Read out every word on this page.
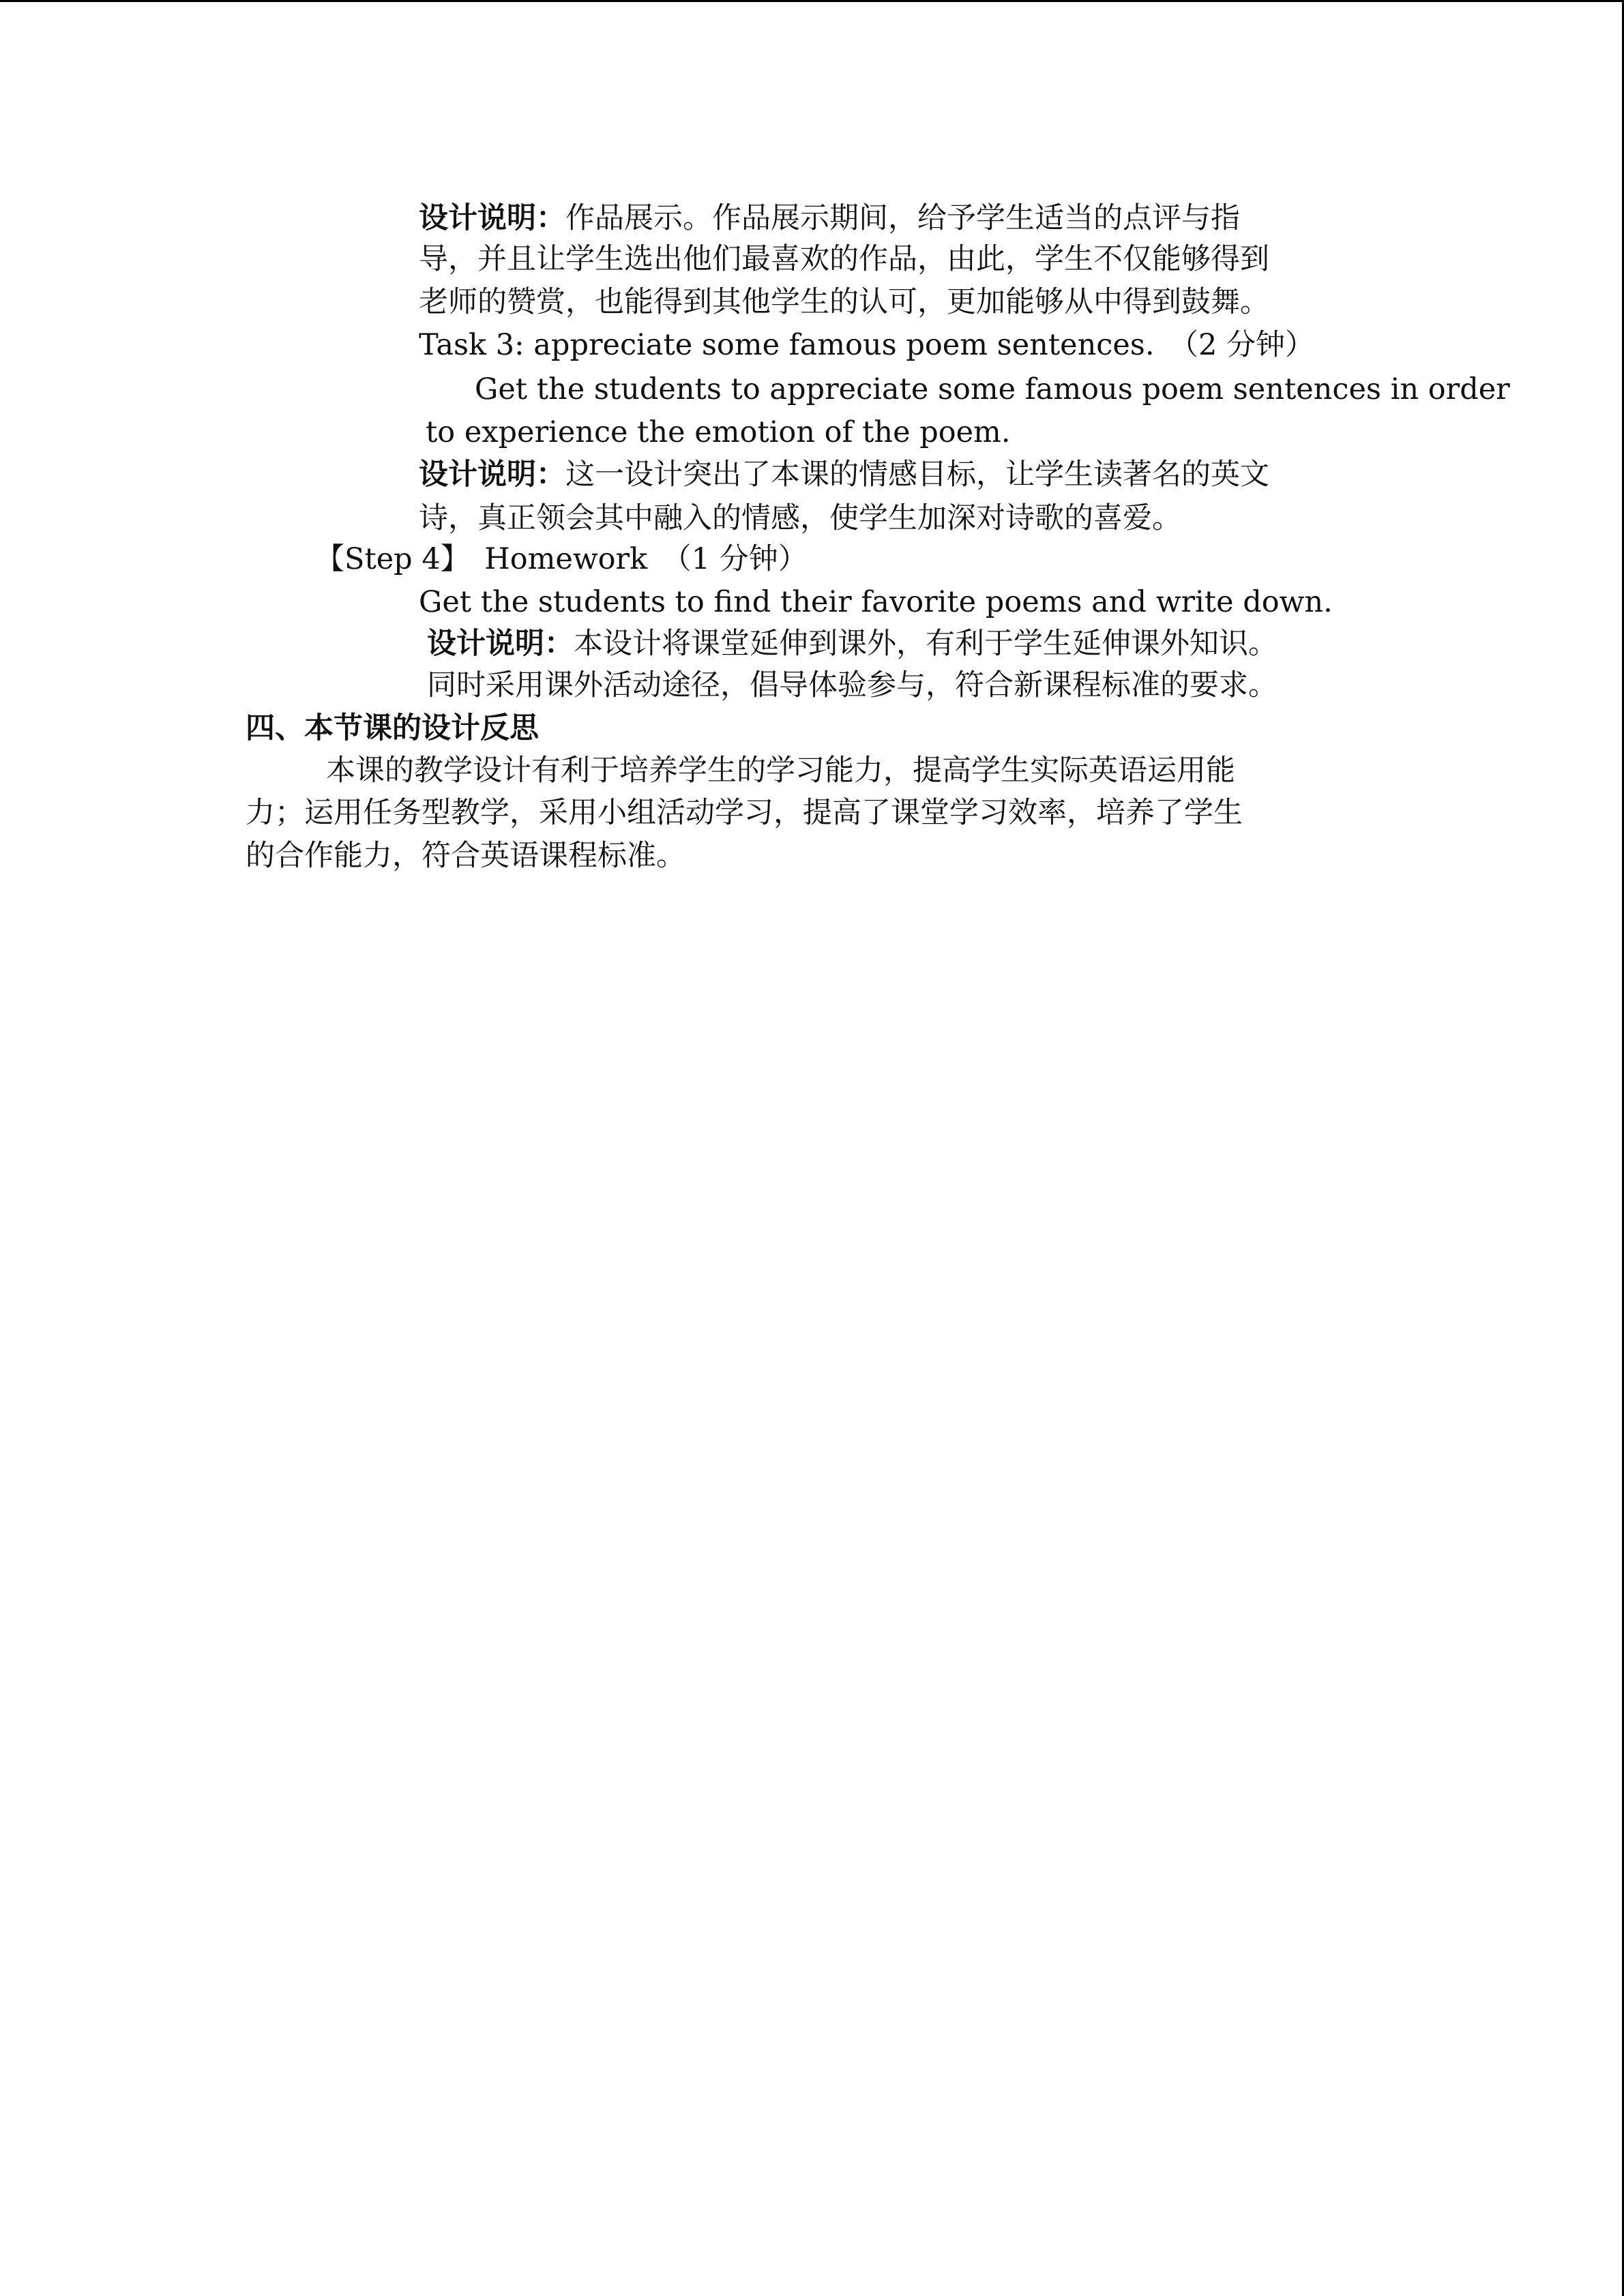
设计说明：作品展示。作品展示期间，给予学生适当的点评与指
导，并且让学生选出他们最喜欢的作品，由此，学生不仅能够得到
老师的赞赏，也能得到其他学生的认可，更加能够从中得到鼓舞。
Task 3: appreciate some famous poem sentences.  （2 分钟）
Get the students to appreciate some famous poem sentences in order
to experience the emotion of the poem.
设计说明：这一设计突出了本课的情感目标，让学生读著名的英文
诗，真正领会其中融入的情感，使学生加深对诗歌的喜爱。
【Step 4】  Homework  （1 分钟）
Get the students to find their favorite poems and write down.
设计说明：本设计将课堂延伸到课外，有利于学生延伸课外知识。
同时采用课外活动途径，倡导体验参与，符合新课程标准的要求。
四、本节课的设计反思
本课的教学设计有利于培养学生的学习能力，提高学生实际英语运用能
力；运用任务型教学，采用小组活动学习，提高了课堂学习效率，培养了学生
的合作能力，符合英语课程标准。
